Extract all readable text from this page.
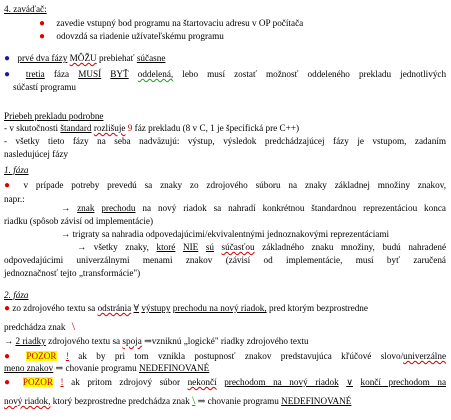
4. zaváďač:
● zavedie vstupný bod programu na štartovaciu adresu v OP počítača
● odovzdá sa riadenie užívateľskému programu
● prvé dva fázy MÔŽU prebiehať súčasne
● tretia fáza MUSÍ BYŤ oddelená, lebo musí zostať možnosť oddeleného prekladu jednotlivých
súčastí programu
Priebeh prekladu podrobne
- v skutočnosti štandard rozlišuje 9 fáz prekladu (8 v C, 1 je špecifická pre C++)
- všetky tieto fázy na seba nadväzujú: výstup, výsledok predchádzajúcej fázy je vstupom, zadaním
nasledujúcej fázy
1. fáza
● v prípade potreby prevedú sa znaky zo zdrojového súboru na znaky základnej množiny znakov,
napr.:
→ znak prechodu na nový riadok sa nahradí konkrétnou štandardnou reprezentáciou konca
riadku (spôsob závisí od implementácie)
→ trigraty sa nahradia odpovedajúcimi/ekvivalentnými jednoznakovými reprezentáciami
→ všetky znaky, ktoré NIE sú súčasťou základného znaku množiny, budú nahradené
odpovedajúcimi univerzálnymi menami znakov (závisí od implementácie, musí byť zaručená
jednoznačnosť tejto „transformácie")
2. fáza
● zo zdrojového textu sa odstránia ∀ výstupy prechodu na nový riadok, pred ktorým bezprostredne
predchádza znak \
→ 2 riadky zdrojového textu sa spoja ⇒vzniknú „logické" riadky zdrojového textu
● POZOR ! ak by pri tom vznikla postupnosť znakov predstavujúca kľúčové slovo/univerzálne
meno znakov ⇒ chovanie programu NEDEFINOVANÉ
● POZOR ! ak pritom zdrojový súbor nekončí prechodom na nový riadok ∨ končí prechodom na
nový riadok, ktorý bezprostredne predchádza znak \ ⇒ chovanie programu NEDEFINOVANÉ
